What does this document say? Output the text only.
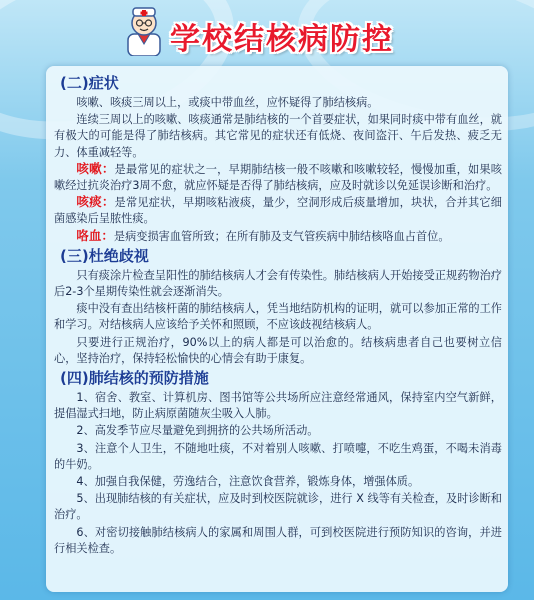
学校结核病防控
(二)症状

咳嗽、咳痰三周以上，或痰中带血丝，应怀疑得了肺结核病。

连续三周以上的咳嗽、咳痰通常是肺结核的一个首要症状，如果同时痰中带有血丝，就有极大的可能是得了肺结核病。其它常见的症状还有低烧、夜间盗汗、午后发热、疲乏无力、体重减轻等。

咳嗽：是最常见的症状之一，早期肺结核一般不咳嗽和咳嗽较轻，慢慢加重，如果咳嗽经过抗炎治疗3周不愈，就应怀疑是否得了肺结核病，应及时就诊以免延误诊断和治疗。

咳痰：是常见症状，早期咳粘液痰，量少，空洞形成后痰量增加，块状，合并其它细菌感染后呈脓性痰。

咯血：是病变损害血管所致；在所有肺及支气管疾病中肺结核咯血占首位。

(三)杜绝歧视

只有痰涂片检查呈阳性的肺结核病人才会有传染性。肺结核病人开始接受正规药物治疗后2-3个星期传染性就会逐渐消失。

痰中没有查出结核杆菌的肺结核病人，凭当地结防机构的证明，就可以参加正常的工作和学习。对结核病人应该给予关怀和照顾，不应该歧视结核病人。

只要进行正规治疗，90%以上的病人都是可以治愈的。结核病患者自己也要树立信心，坚持治疗，保持轻松愉快的心情会有助于康复。

(四)肺结核的预防措施

1、宿舍、教室、计算机房、图书馆等公共场所应注意经常通风，保持室内空气新鲜，提倡湿式扫地，防止病原菌随灰尘吸入人肺。

2、高发季节应尽量避免到拥挤的公共场所活动。

3、注意个人卫生，不随地吐痰，不对着别人咳嗽、打喷嚏，不吃生鸡蛋，不喝未消毒的牛奶。

4、加强自我保健，劳逸结合，注意饮食营养，锻炼身体，增强体质。

5、出现肺结核的有关症状，应及时到校医院就诊，进行 X 线等有关检查，及时诊断和治疗。

6、对密切接触肺结核病人的家属和周围人群，可到校医院进行预防知识的咨询，并进行相关检查。
